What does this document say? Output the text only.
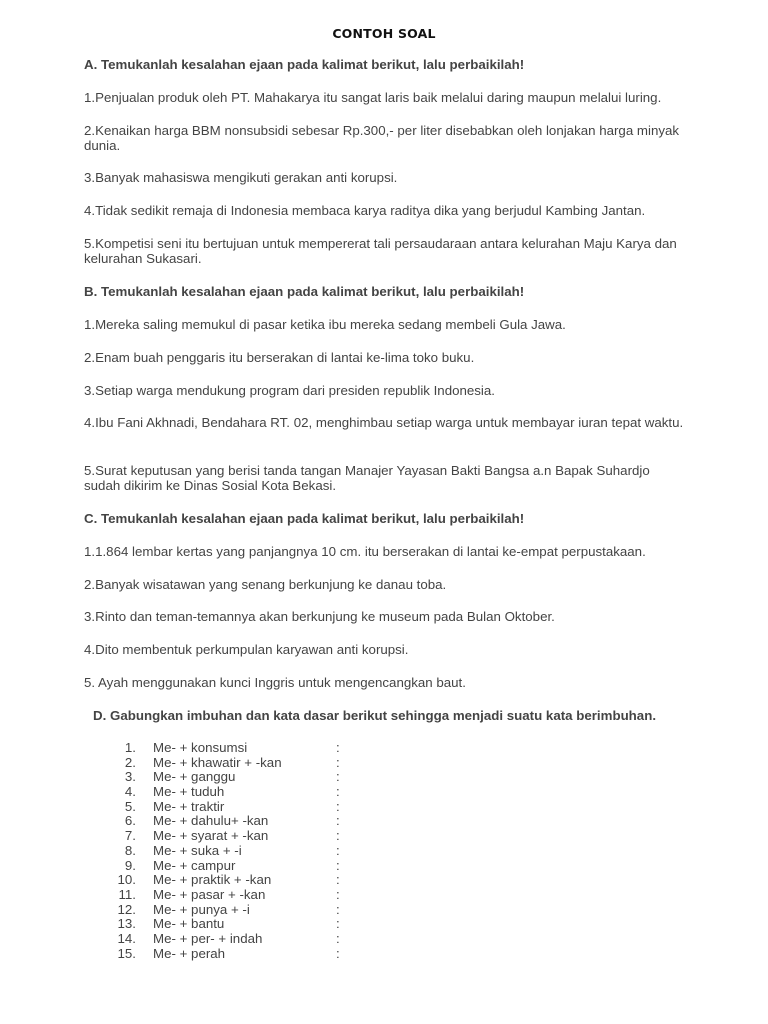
CONTOH SOAL
A. Temukanlah kesalahan ejaan pada kalimat berikut, lalu perbaikilah!
1.Penjualan produk oleh PT. Mahakarya itu sangat laris baik melalui daring maupun melalui luring.
2.Kenaikan harga BBM nonsubsidi sebesar Rp.300,- per liter disebabkan oleh lonjakan harga minyak dunia.
3.Banyak mahasiswa mengikuti gerakan anti korupsi.
4.Tidak sedikit remaja di Indonesia membaca karya raditya dika yang berjudul Kambing Jantan.
5.Kompetisi seni itu bertujuan untuk mempererat tali persaudaraan antara kelurahan Maju Karya dan kelurahan Sukasari.
B. Temukanlah kesalahan ejaan pada kalimat berikut, lalu perbaikilah!
1.Mereka saling memukul di pasar ketika ibu mereka sedang membeli Gula Jawa.
2.Enam buah penggaris itu berserakan di lantai ke-lima toko buku.
3.Setiap warga mendukung program dari presiden republik Indonesia.
4.Ibu Fani Akhnadi, Bendahara RT. 02, menghimbau setiap warga untuk membayar iuran tepat waktu.
5.Surat keputusan yang berisi tanda tangan Manajer Yayasan Bakti Bangsa a.n Bapak Suhardjo sudah dikirim ke Dinas Sosial Kota Bekasi.
C. Temukanlah kesalahan ejaan pada kalimat berikut, lalu perbaikilah!
1.1.864 lembar kertas yang panjangnya 10 cm. itu berserakan di lantai ke-empat perpustakaan.
2.Banyak wisatawan yang senang berkunjung ke danau toba.
3.Rinto dan teman-temannya akan berkunjung ke museum pada Bulan Oktober.
4.Dito membentuk perkumpulan karyawan anti korupsi.
5. Ayah menggunakan kunci Inggris untuk mengencangkan baut.
D. Gabungkan imbuhan dan kata dasar berikut sehingga menjadi suatu kata berimbuhan.
1. Me- + konsumsi	:
2. Me- + khawatir + -kan	:
3. Me- + ganggu	:
4. Me- + tuduh	:
5. Me- + traktir	:
6. Me- + dahulu+ -kan	:
7. Me- + syarat + -kan	:
8. Me- + suka + -i	:
9. Me- + campur	:
10. Me- + praktik + -kan	:
11. Me- + pasar + -kan	:
12. Me- + punya + -i	:
13. Me- + bantu	:
14. Me- + per- + indah	:
15. Me- + perah	:
